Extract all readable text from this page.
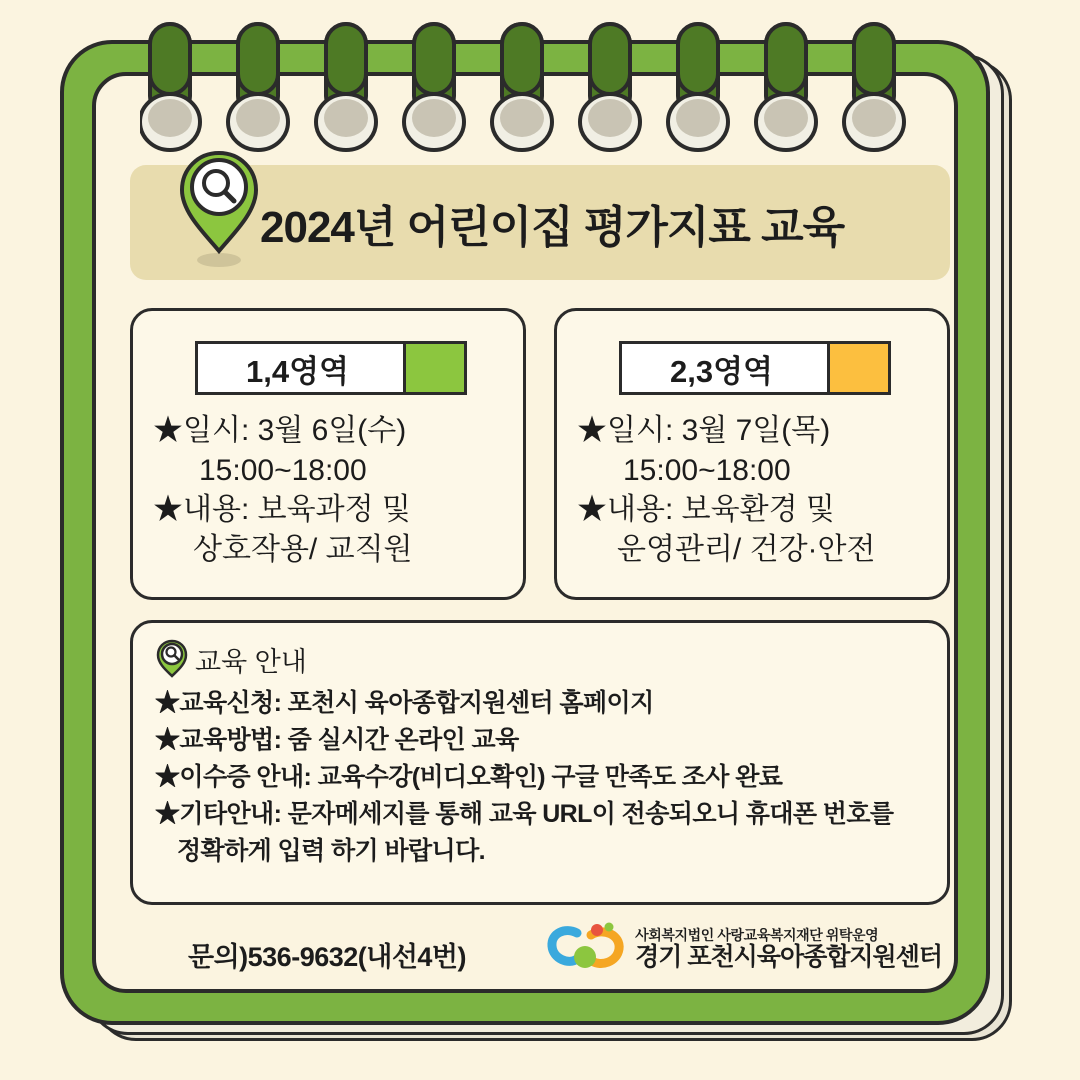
2024년 어린이집 평가지표 교육
1,4영역
★일시: 3월 6일(수)
15:00~18:00
★내용: 보육과정 및
상호작용/ 교직원
2,3영역
★일시: 3월 7일(목)
15:00~18:00
★내용: 보육환경 및
운영관리/ 건강·안전
교육 안내
★교육신청: 포천시 육아종합지원센터 홈페이지
★교육방법: 줌 실시간 온라인 교육
★이수증 안내: 교육수강(비디오확인) 구글 만족도 조사 완료
★기타안내: 문자메세지를 통해 교육 URL이 전송되오니 휴대폰 번호를
정확하게 입력 하기 바랍니다.
문의)536-9632(내선4번)
사회복지법인 사랑교육복지재단 위탁운영
경기 포천시육아종합지원센터
